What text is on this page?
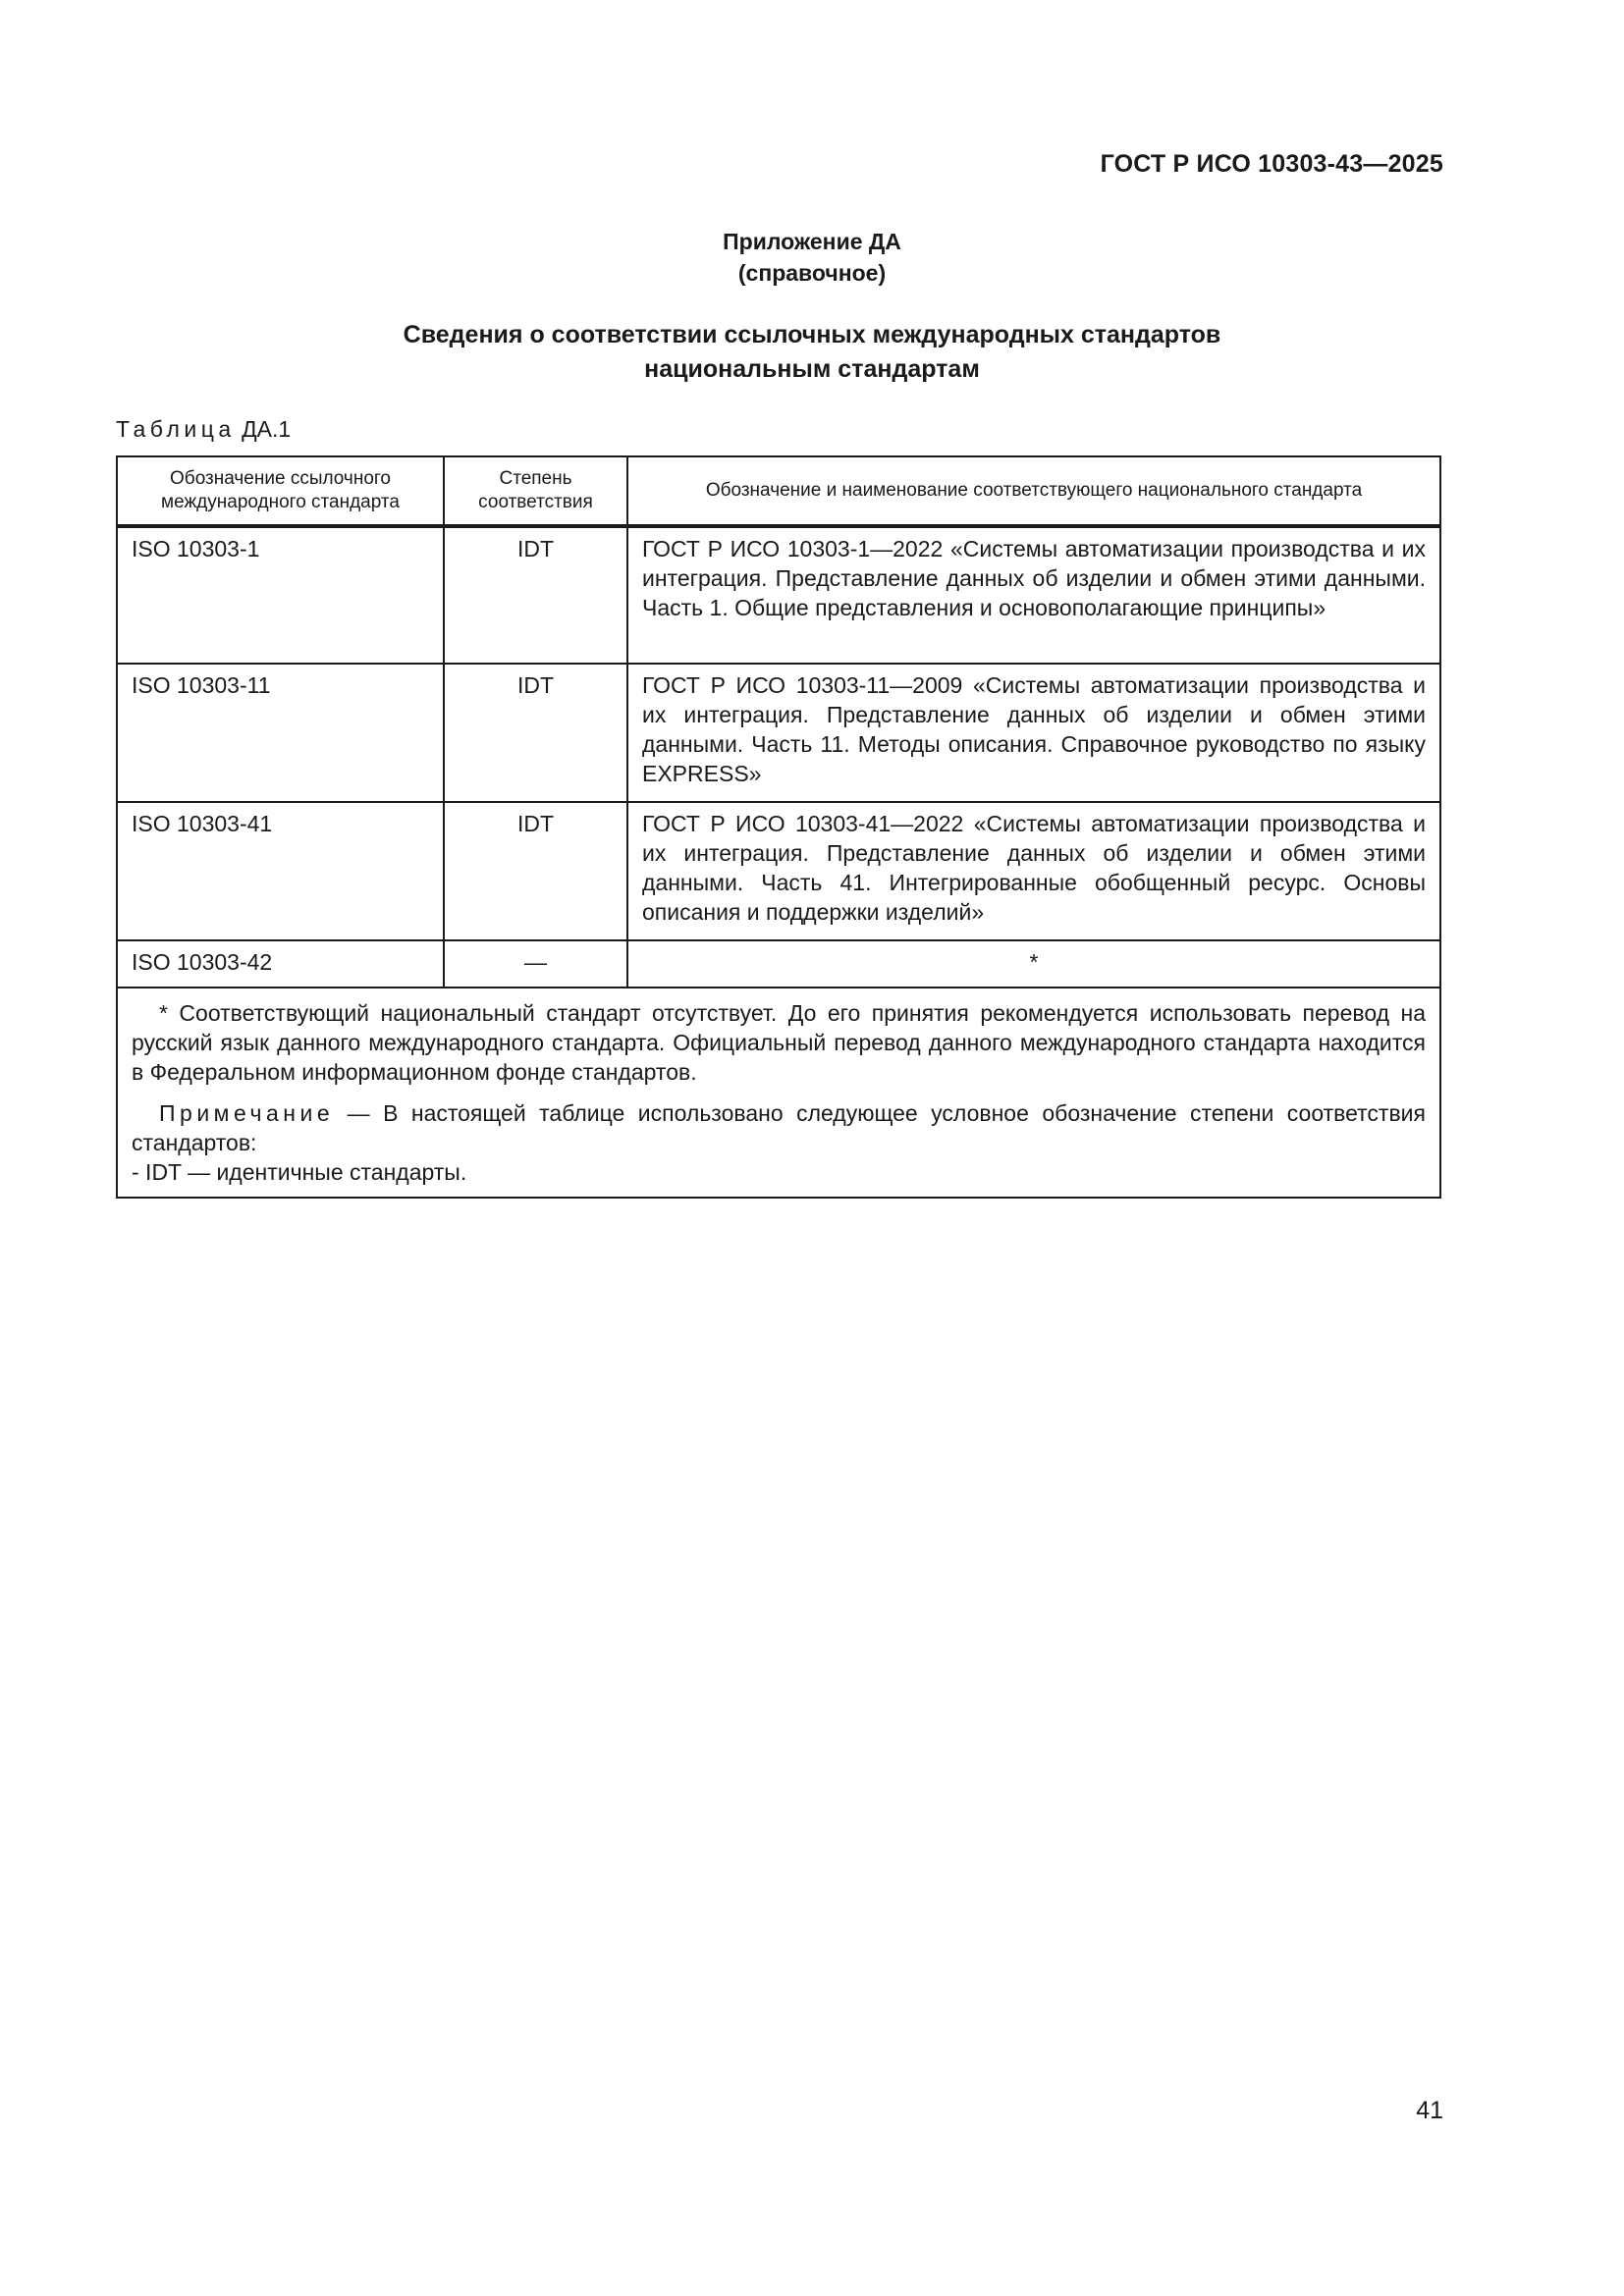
ГОСТ Р ИСО 10303-43—2025
Приложение ДА
(справочное)
Сведения о соответствии ссылочных международных стандартов
национальным стандартам
Таблица ДА.1
Обозначение ссылочного международного стандарта	Степень соответствия	Обозначение и наименование соответствующего национального стандарта
ISO 10303-1	IDT	ГОСТ Р ИСО 10303-1—2022 «Системы автоматизации производства и их интеграция. Представление данных об изделии и обмен этими данными. Часть 1. Общие представления и основополагающие принципы»
ISO 10303-11	IDT	ГОСТ Р ИСО 10303-11—2009 «Системы автоматизации производства и их интеграция. Представление данных об изделии и обмен этими данными. Часть 11. Методы описания. Справочное руководство по языку EXPRESS»
ISO 10303-41	IDT	ГОСТ Р ИСО 10303-41—2022 «Системы автоматизации производства и их интеграция. Представление данных об изделии и обмен этими данными. Часть 41. Интегрированные обобщенный ресурс. Основы описания и поддержки изделий»
ISO 10303-42	—	*

* Соответствующий национальный стандарт отсутствует. До его принятия рекомендуется использовать перевод на русский язык данного международного стандарта. Официальный перевод данного международного стандарта находится в Федеральном информационном фонде стандартов.
Примечание — В настоящей таблице использовано следующее условное обозначение степени соответствия стандартов:
- IDT — идентичные стандарты.		
41
